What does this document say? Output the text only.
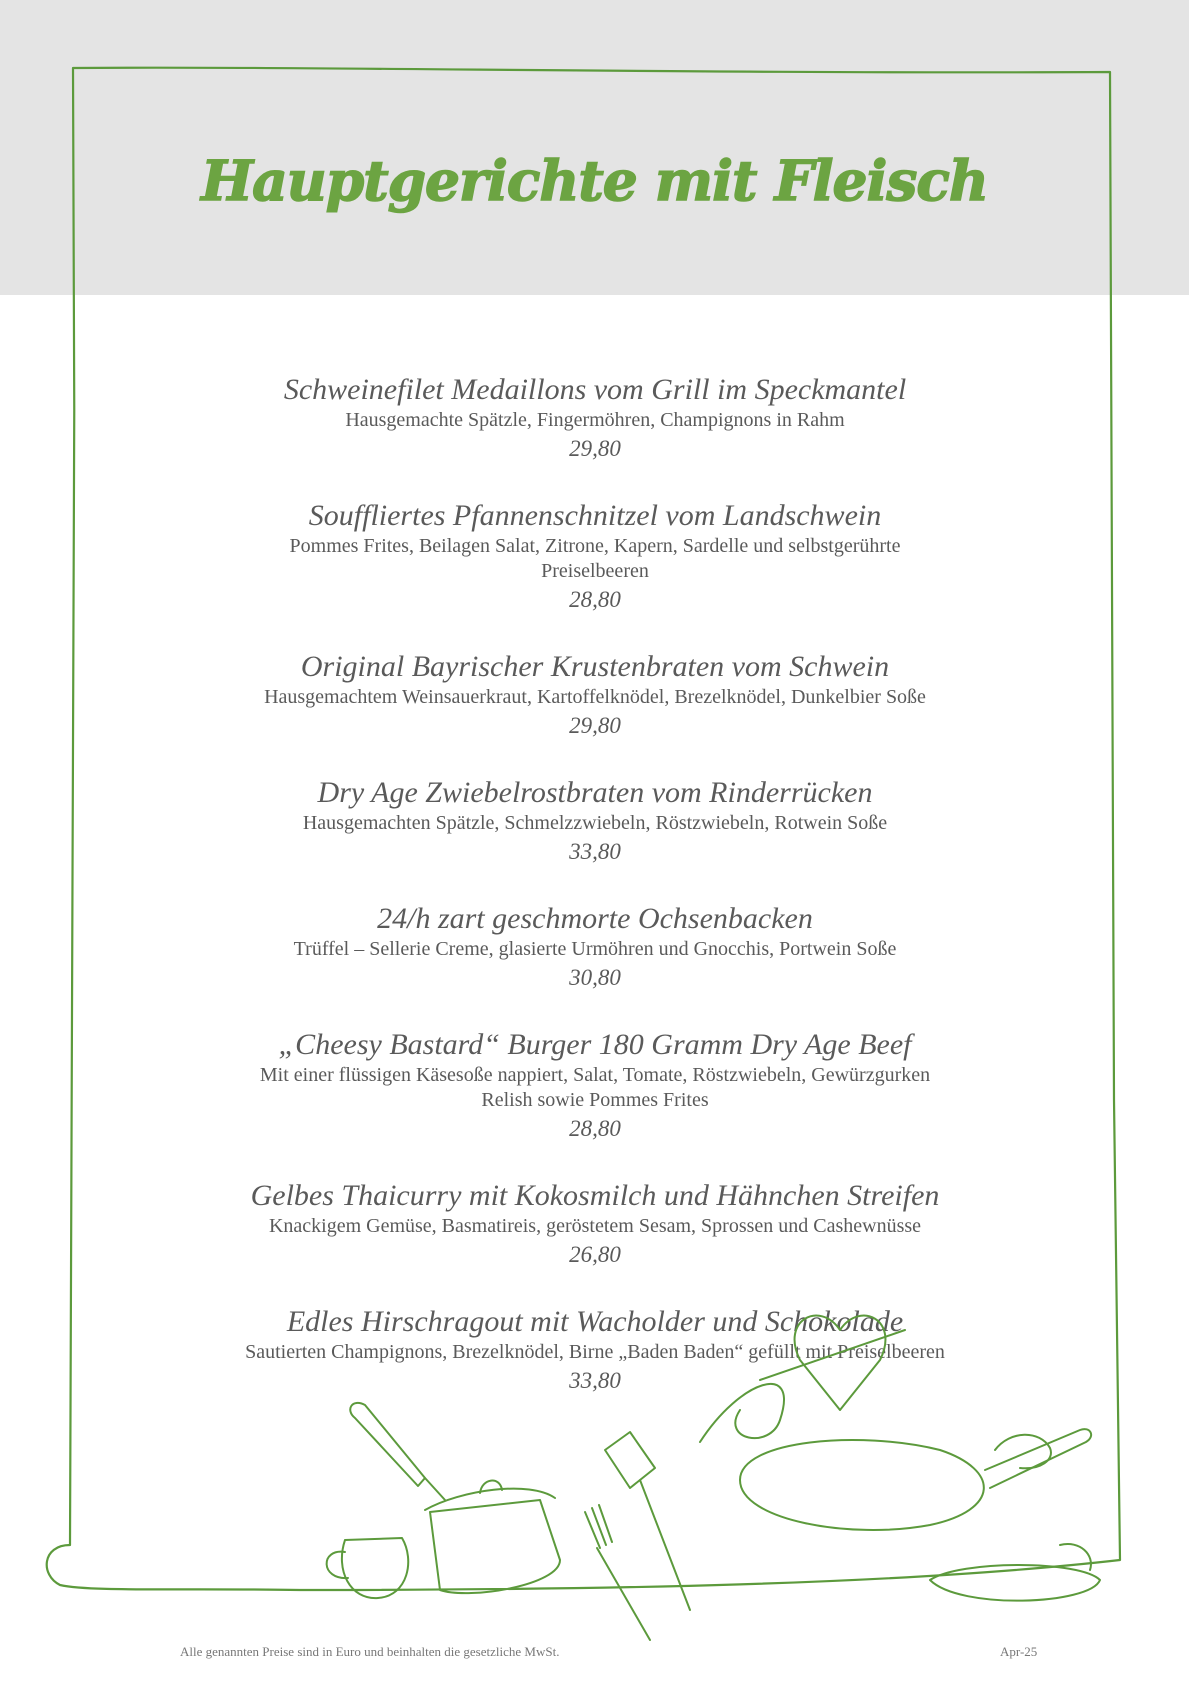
Hauptgerichte mit Fleisch
Schweinefilet Medaillons vom Grill im Speckmantel
Hausgemachte Spätzle, Fingermöhren, Champignons in Rahm
29,80
Souffliertes Pfannenschnitzel vom Landschwein
Pommes Frites, Beilagen Salat, Zitrone, Kapern, Sardelle und selbstgerührte Preiselbeeren
28,80
Original Bayrischer Krustenbraten vom Schwein
Hausgemachtem Weinsauerkraut, Kartoffelknödel, Brezelknödel, Dunkelbier Soße
29,80
Dry Age Zwiebelrostbraten vom Rinderrücken
Hausgemachten Spätzle, Schmelzzwiebeln, Röstzwiebeln, Rotwein Soße
33,80
24/h zart geschmorte Ochsenbacken
Trüffel – Sellerie Creme, glasierte Urmöhren und Gnocchis, Portwein Soße
30,80
„Cheesy Bastard“ Burger 180 Gramm Dry Age Beef
Mit einer flüssigen Käsesoße nappiert, Salat, Tomate, Röstzwiebeln, Gewürzgurken Relish sowie Pommes Frites
28,80
Gelbes Thaicurry mit Kokosmilch und Hähnchen Streifen
Knackigem Gemüse, Basmatireis, geröstetem Sesam, Sprossen und Cashewnüsse
26,80
Edles Hirschragout mit Wacholder und Schokolade
Sautierten Champignons, Brezelknödel, Birne „Baden Baden“ gefüllt mit Preiselbeeren
33,80
Alle genannten Preise sind in Euro und beinhalten die gesetzliche MwSt.	Apr-25
